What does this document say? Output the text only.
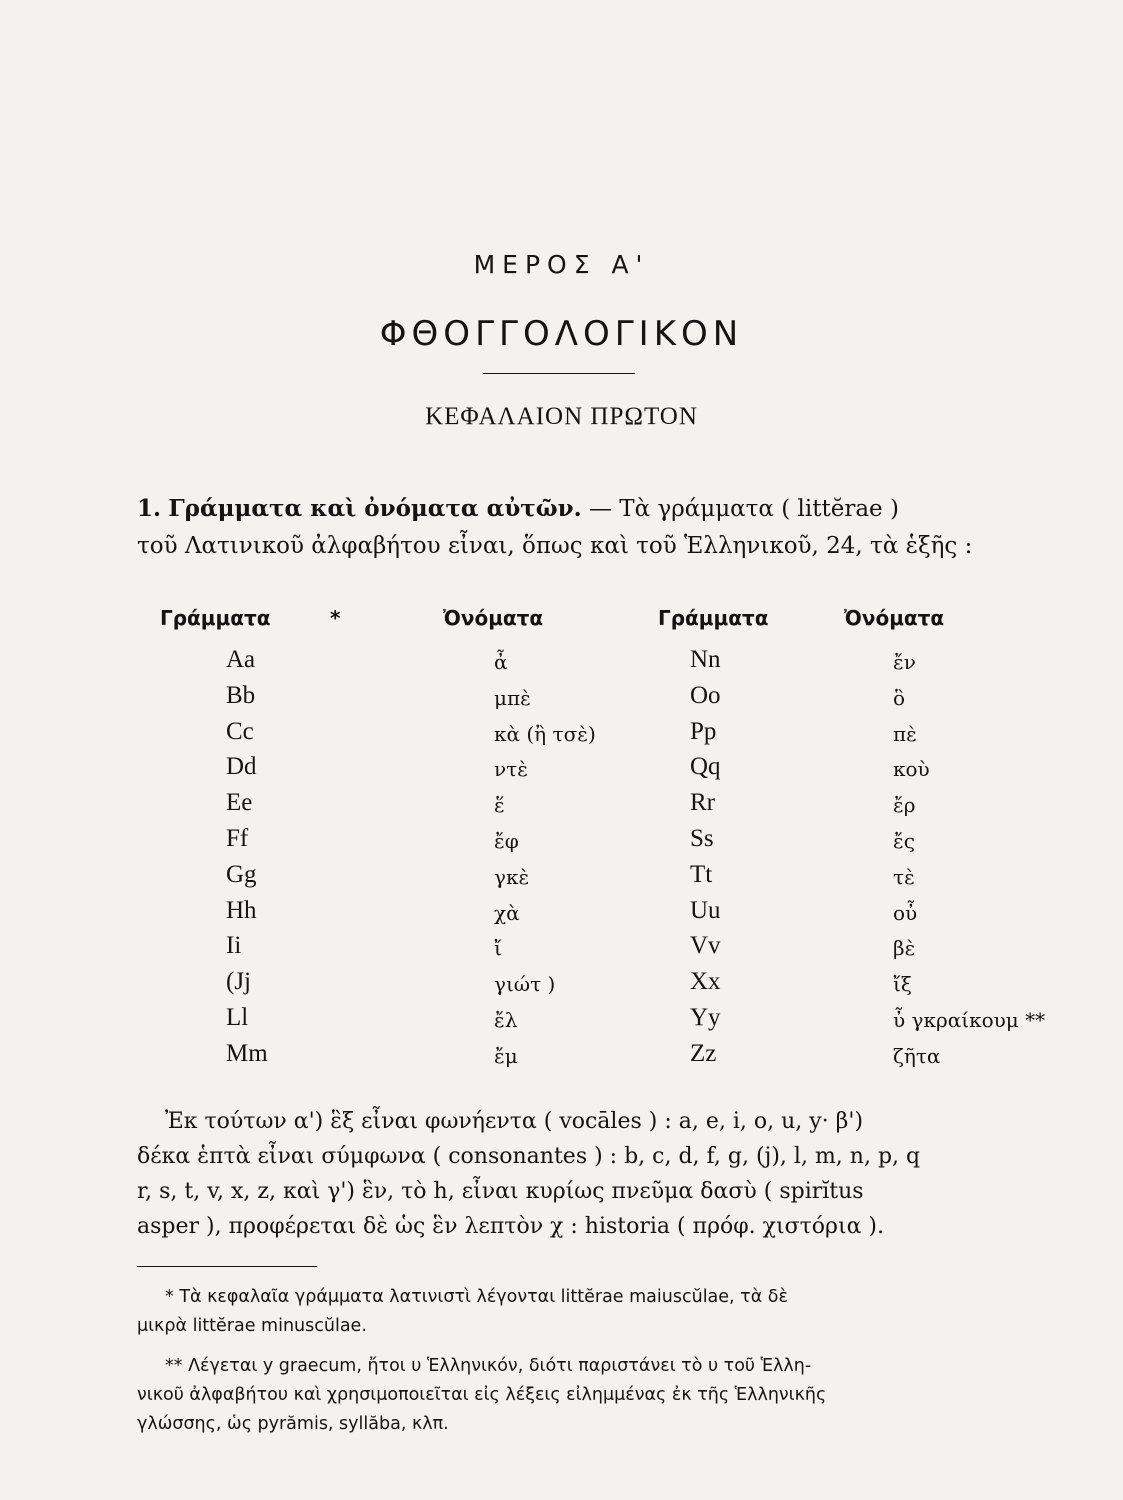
ΜΕΡΟΣ Α'
ΦΘΟΓΓΟΛΟΓΙΚΟΝ
ΚΕΦΑΛΑΙΟΝ ΠΡΩΤΟΝ
1. Γράμματα καὶ ὀνόματα αὐτῶν. — Τὰ γράμματα ( littĕrae )
τοῦ Λατινικοῦ ἀλφαβήτου εἶναι, ὅπως καὶ τοῦ Ἑλληνικοῦ, 24, τὰ ἑξῆς :
Γράμματα	*	Ὀνόματα	Γράμματα	Ὀνόματα
Aa	ἆ	Nn	ἔν
Bb	μπὲ	Oo	ὃ
Cc	κὰ (ἢ τσὲ)	Pp	πὲ
Dd	ντὲ	Qq	κοὺ
Ee	ἕ	Rr	ἔρ
Ff	ἔφ	Ss	ἔς
Gg	γκὲ	Tt	τὲ
Hh	χὰ	Uu	οὖ
Ii	ἴ	Vv	βὲ
(Jj	γιώτ )	Xx	ἴξ
Ll	ἔλ	Υy	ὖ γκραίκουμ **
Mm	ἔμ	Zz	ζῆτα
Ἐκ τούτων α') ἓξ εἶναι φωνήεντα ( vocāles ) : a, e, i, o, u, y· β')
δέκα ἑπτὰ εἶναι σύμφωνα ( consonantes ) : b, c, d, f, g, (j), l, m, n, p, q
r, s, t, v, x, z, καὶ γ') ἓν, τὸ h, εἶναι κυρίως πνεῦμα δασὺ ( spirĭtus
asper ), προφέρεται δὲ ὡς ἓν λεπτὸν χ : historia ( πρόφ. χιστόρια ).
* Τὰ κεφαλαῖα γράμματα λατινιστὶ λέγονται littĕrae maiuscŭlae, τὰ δὲ
μικρὰ littĕrae minuscŭlae.
** Λέγεται y graecum, ἤτοι υ Ἑλληνικόν, διότι παριστάνει τὸ υ τοῦ Ἑλλη-
νικοῦ ἀλφαβήτου καὶ χρησιμοποιεῖται εἰς λέξεις εἰλημμένας ἐκ τῆς Ἑλληνικῆς
γλώσσης, ὡς pyrămis, syllăba, κλπ.
